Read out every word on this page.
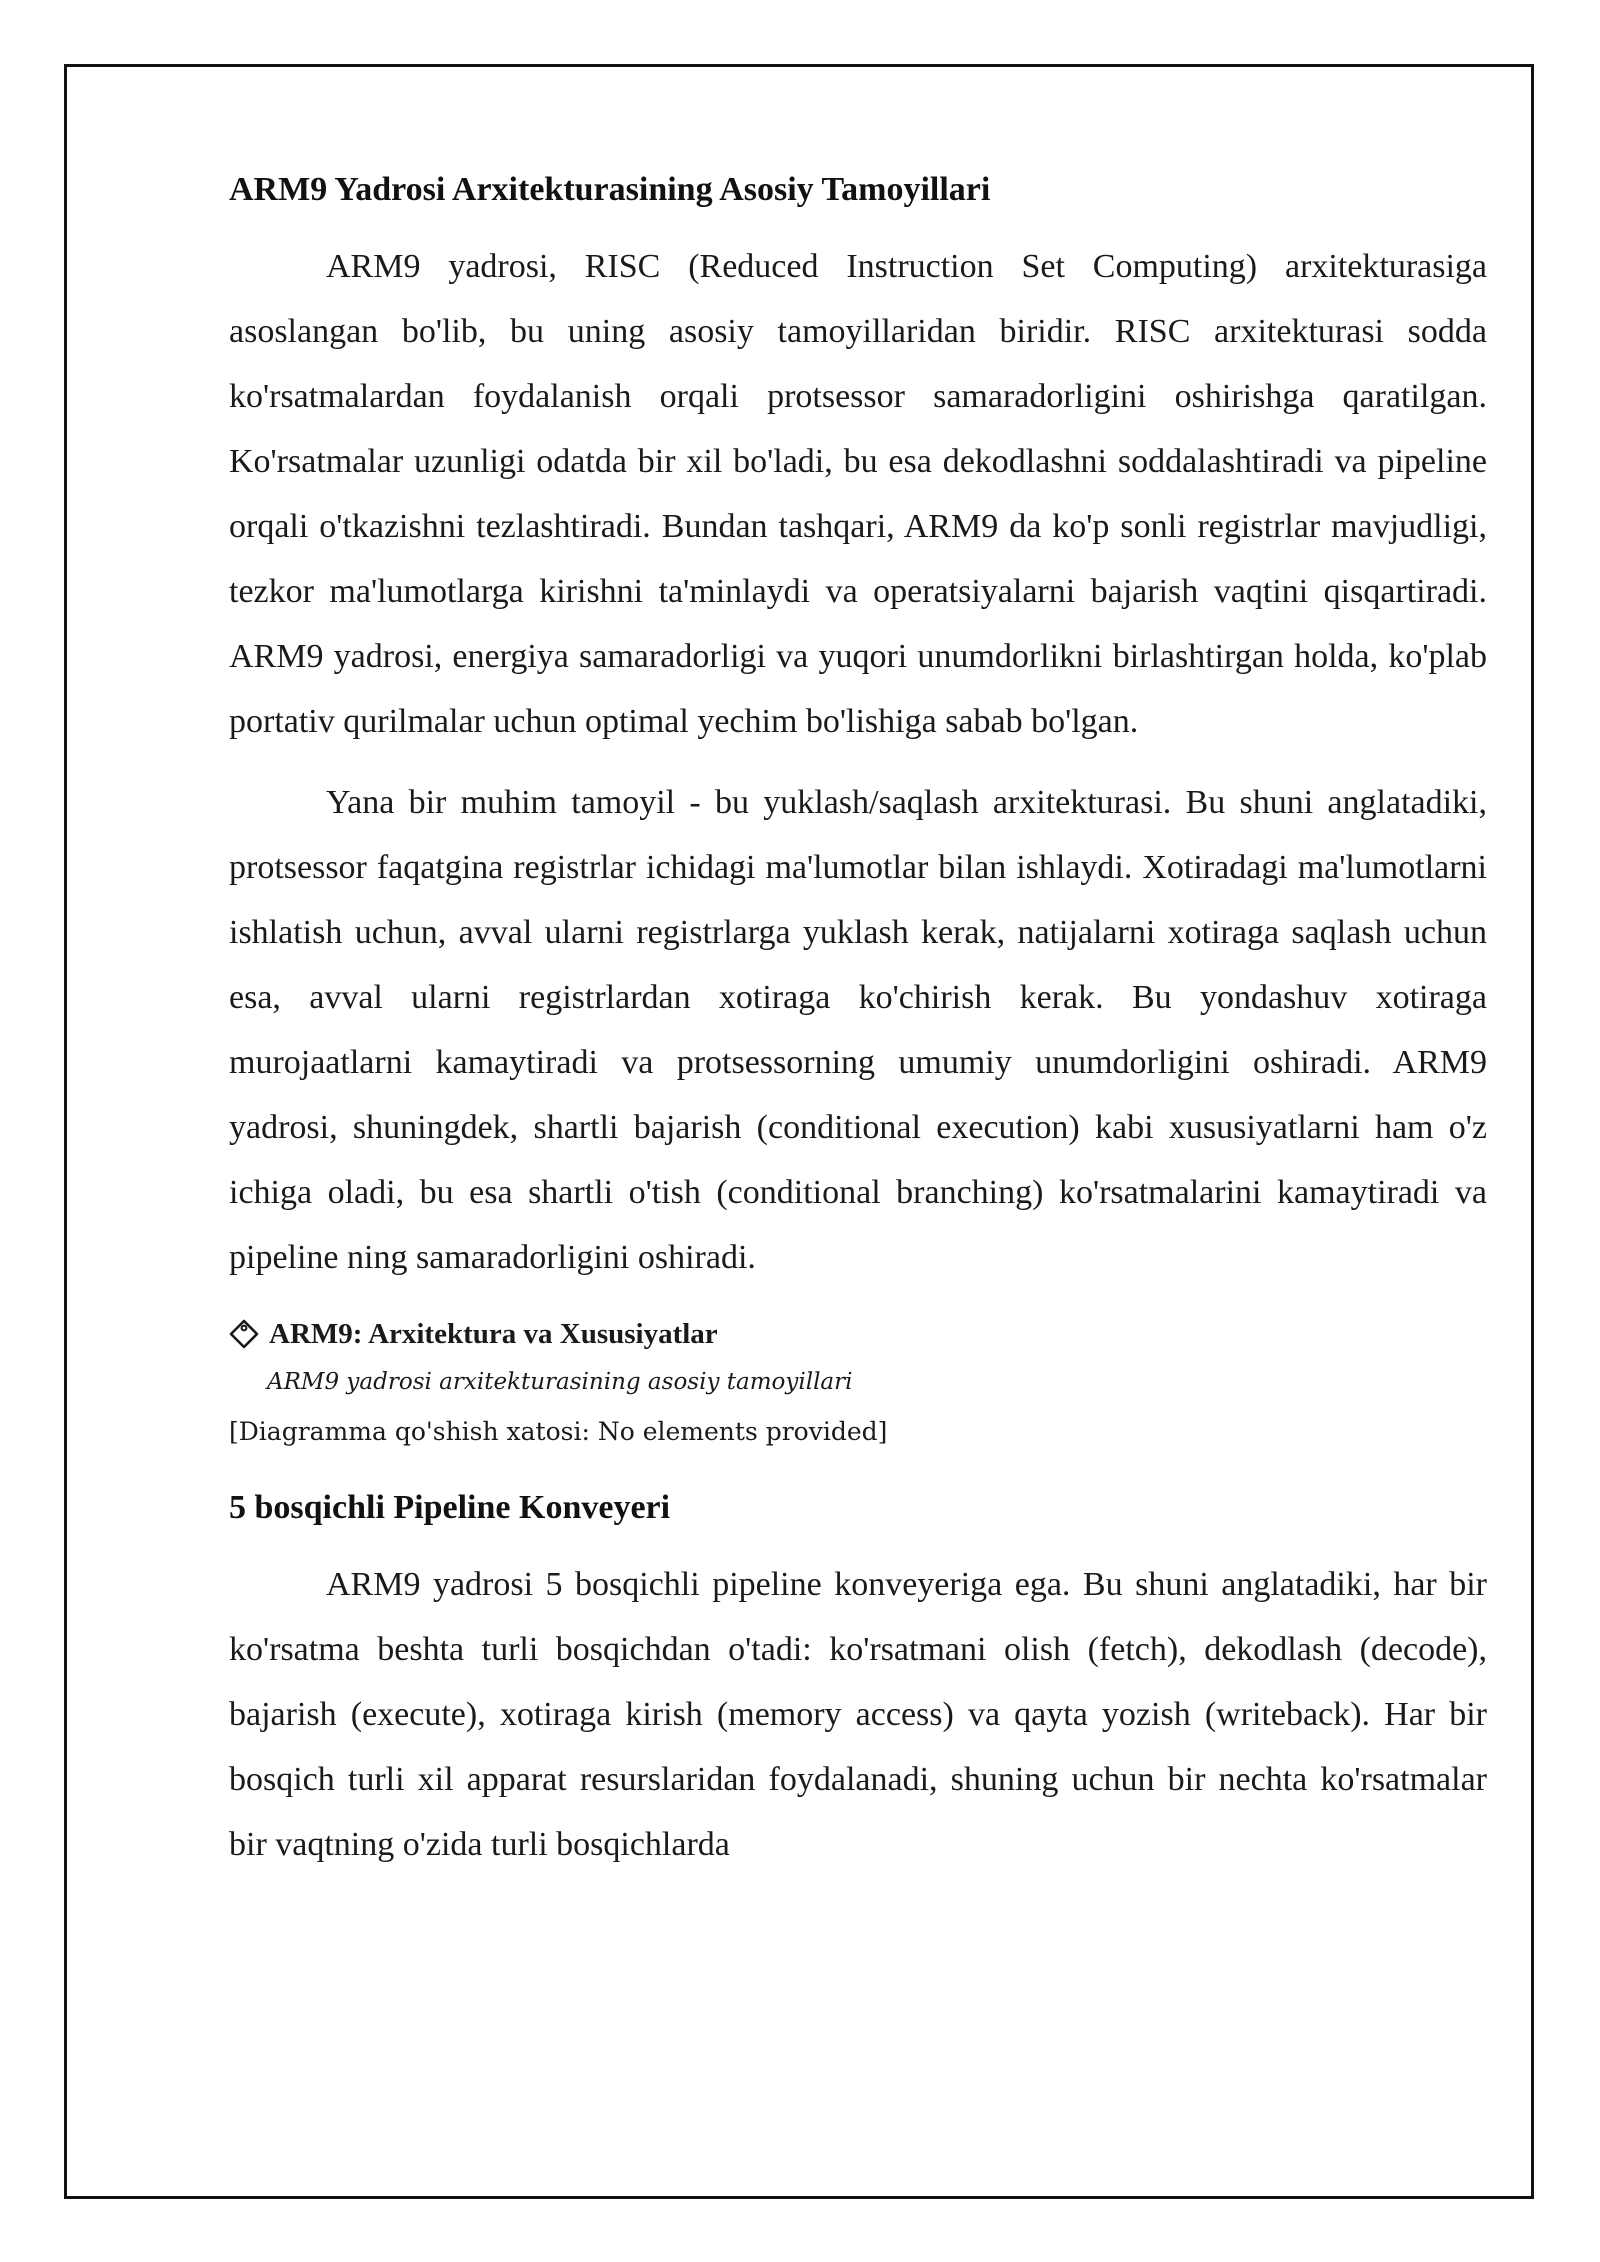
ARM9 Yadrosi Arxitekturasining Asosiy Tamoyillari

ARM9 yadrosi, RISC (Reduced Instruction Set Computing) arxitekturasiga asoslangan bo'lib, bu uning asosiy tamoyillaridan biridir. RISC arxitekturasi sodda ko'rsatmalardan foydalanish orqali protsessor samaradorligini oshirishga qaratilgan. Ko'rsatmalar uzunligi odatda bir xil bo'ladi, bu esa dekodlashni soddalashtiradi va pipeline orqali o'tkazishni tezlashtiradi. Bundan tashqari, ARM9 da ko'p sonli registrlar mavjudligi, tezkor ma'lumotlarga kirishni ta'minlaydi va operatsiyalarni bajarish vaqtini qisqartiradi. ARM9 yadrosi, energiya samaradorligi va yuqori unumdorlikni birlashtirgan holda, ko'plab portativ qurilmalar uchun optimal yechim bo'lishiga sabab bo'lgan.

Yana bir muhim tamoyil - bu yuklash/saqlash arxitekturasi. Bu shuni anglatadiki, protsessor faqatgina registrlar ichidagi ma'lumotlar bilan ishlaydi. Xotiradagi ma'lumotlarni ishlatish uchun, avval ularni registrlarga yuklash kerak, natijalarni xotiraga saqlash uchun esa, avval ularni registrlardan xotiraga ko'chirish kerak. Bu yondashuv xotiraga murojaatlarni kamaytiradi va protsessorning umumiy unumdorligini oshiradi. ARM9 yadrosi, shuningdek, shartli bajarish (conditional execution) kabi xususiyatlarni ham o'z ichiga oladi, bu esa shartli o'tish (conditional branching) ko'rsatmalarini kamaytiradi va pipeline ning samaradorligini oshiradi.

ARM9: Arxitektura va Xususiyatlar
ARM9 yadrosi arxitekturasining asosiy tamoyillari
[Diagramma qo'shish xatosi: No elements provided]
5 bosqichli Pipeline Konveyeri

ARM9 yadrosi 5 bosqichli pipeline konveyeriga ega. Bu shuni anglatadiki, har bir ko'rsatma beshta turli bosqichdan o'tadi: ko'rsatmani olish (fetch), dekodlash (decode), bajarish (execute), xotiraga kirish (memory access) va qayta yozish (writeback). Har bir bosqich turli xil apparat resurslaridan foydalanadi, shuning uchun bir nechta ko'rsatmalar bir vaqtning o'zida turli bosqichlarda
